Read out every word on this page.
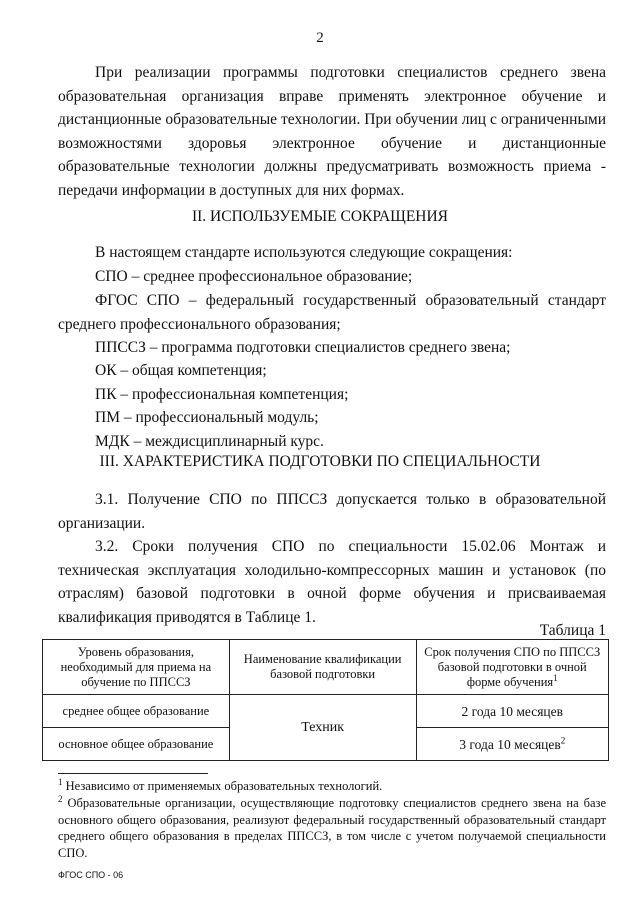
2
При реализации программы подготовки специалистов среднего звена образовательная организация вправе применять электронное обучение и дистанционные образовательные технологии. При обучении лиц с ограниченными возможностями здоровья электронное обучение и дистанционные образовательные технологии должны предусматривать возможность приема - передачи информации в доступных для них формах.
II. ИСПОЛЬЗУЕМЫЕ СОКРАЩЕНИЯ
В настоящем стандарте используются следующие сокращения:
СПО – среднее профессиональное образование;
ФГОС СПО – федеральный государственный образовательный стандарт среднего профессионального образования;
ППССЗ – программа подготовки специалистов среднего звена;
ОК – общая компетенция;
ПК – профессиональная компетенция;
ПМ – профессиональный модуль;
МДК – междисциплинарный курс.
III. ХАРАКТЕРИСТИКА ПОДГОТОВКИ ПО СПЕЦИАЛЬНОСТИ
3.1. Получение СПО по ППССЗ допускается только в образовательной организации.
3.2. Сроки получения СПО по специальности 15.02.06 Монтаж и техническая эксплуатация холодильно-компрессорных машин и установок (по отраслям) базовой подготовки в очной форме обучения и присваиваемая квалификация приводятся в Таблице 1.
Таблица 1
Уровень образования, необходимый для приема на обучение по ППССЗ	Наименование квалификации базовой подготовки	Срок получения СПО по ППССЗ базовой подготовки в очной форме обучения$^1$
среднее общее образование	Техник	2 года 10 месяцев
основное общее образование		3 года 10 месяцев$^2$
$^1$ Независимо от применяемых образовательных технологий.
$^2$ Образовательные организации, осуществляющие подготовку специалистов среднего звена на базе основного общего образования, реализуют федеральный государственный образовательный стандарт среднего общего образования в пределах ППССЗ, в том числе с учетом получаемой специальности СПО.
ФГОС СПО - 06
